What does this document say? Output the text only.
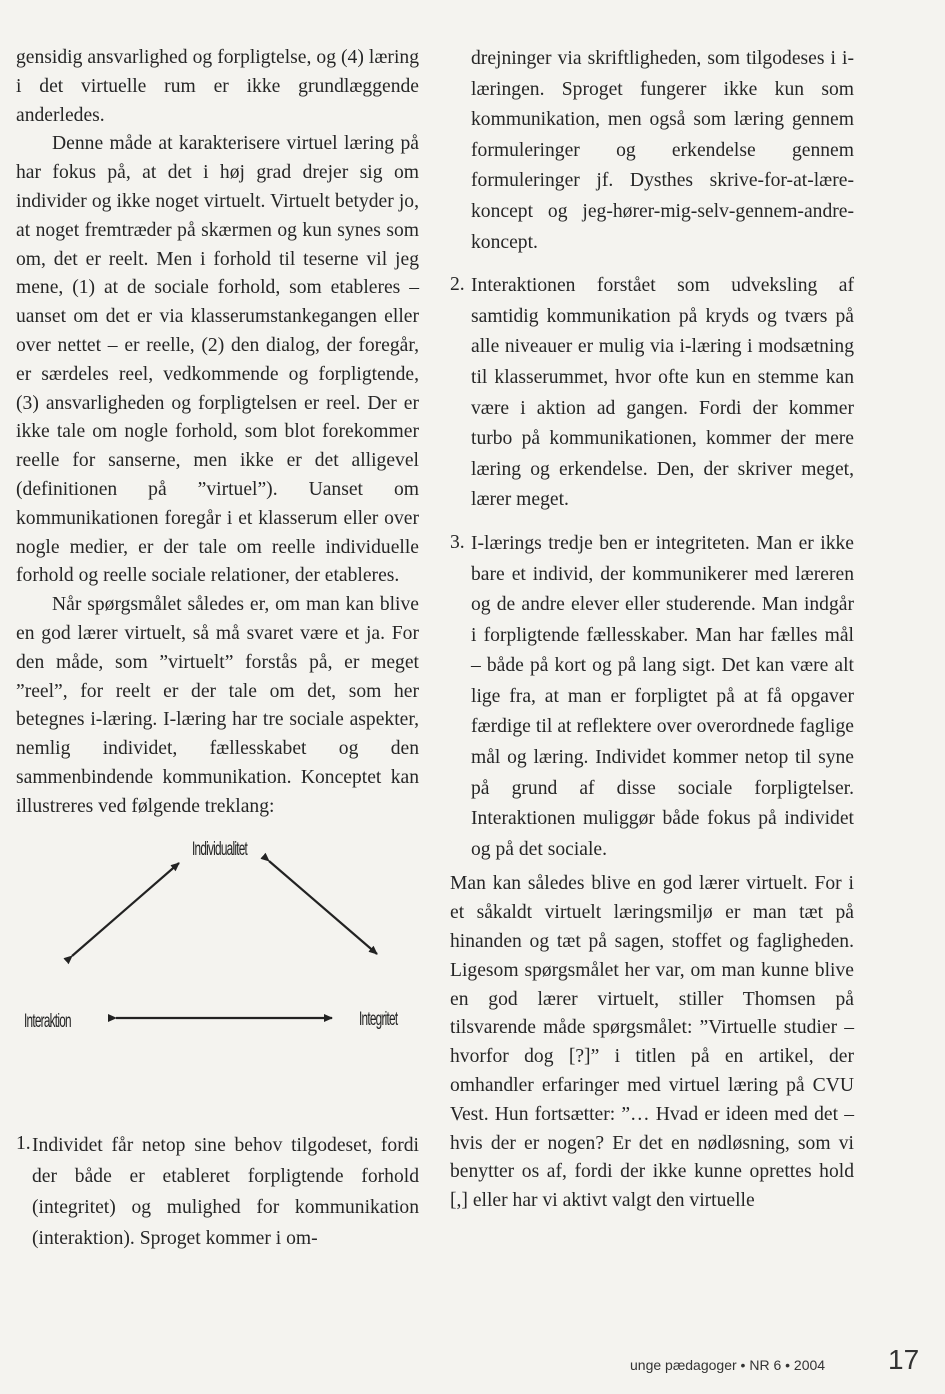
gensidig ansvarlighed og forpligtelse, og (4) læring i det virtuelle rum er ikke grundlæggende anderledes.

Denne måde at karakterisere virtuel læring på har fokus på, at det i høj grad drejer sig om individer og ikke noget virtuelt. Virtuelt betyder jo, at noget fremtræder på skærmen og kun synes som om, det er reelt. Men i forhold til teserne vil jeg mene, (1) at de sociale forhold, som etableres – uanset om det er via klasserumstankegangen eller over nettet – er reelle, (2) den dialog, der foregår, er særdeles reel, vedkommende og forpligtende, (3) ansvarligheden og forpligtelsen er reel. Der er ikke tale om nogle forhold, som blot forekommer reelle for sanserne, men ikke er det alligevel (definitionen på ”virtuel”). Uanset om kommunikationen foregår i et klasserum eller over nogle medier, er der tale om reelle individuelle forhold og reelle sociale relationer, der etableres.

Når spørgsmålet således er, om man kan blive en god lærer virtuelt, så må svaret være et ja. For den måde, som ”virtuelt” forstås på, er meget ”reel”, for reelt er der tale om det, som her betegnes i-læring. I-læring har tre sociale aspekter, nemlig individet, fællesskabet og den sammenbindende kommunikation. Konceptet kan illustreres ved følgende treklang:

Individualitet
Interaktion	Integritet
1. Individet får netop sine behov tilgodeset, fordi der både er etableret forpligtende forhold (integritet) og mulighed for kommunikation (interaktion). Sproget kommer i om-

drejninger via skriftligheden, som tilgodeses i i-læringen. Sproget fungerer ikke kun som kommunikation, men også som læring gennem formuleringer og erkendelse gennem formuleringer jf. Dysthes skrive-for-at-lære-koncept og jeg-hører-mig-selv-gennem-andre-koncept.

2. Interaktionen forstået som udveksling af samtidig kommunikation på kryds og tværs på alle niveauer er mulig via i-læring i modsætning til klasserummet, hvor ofte kun en stemme kan være i aktion ad gangen. Fordi der kommer turbo på kommunikationen, kommer der mere læring og erkendelse. Den, der skriver meget, lærer meget.

3. I-lærings tredje ben er integriteten. Man er ikke bare et individ, der kommunikerer med læreren og de andre elever eller studerende. Man indgår i forpligtende fællesskaber. Man har fælles mål – både på kort og på lang sigt. Det kan være alt lige fra, at man er forpligtet på at få opgaver færdige til at reflektere over overordnede faglige mål og læring. Individet kommer netop til syne på grund af disse sociale forpligtelser. Interaktionen muliggør både fokus på individet og på det sociale.

Man kan således blive en god lærer virtuelt. For i et såkaldt virtuelt læringsmiljø er man tæt på hinanden og tæt på sagen, stoffet og fagligheden. Ligesom spørgsmålet her var, om man kunne blive en god lærer virtuelt, stiller Thomsen på tilsvarende måde spørgsmålet: ”Virtuelle studier – hvorfor dog [?]” i titlen på en artikel, der omhandler erfaringer med virtuel læring på CVU Vest. Hun fortsætter: ”… Hvad er ideen med det – hvis der er nogen? Er det en nødløsning, som vi benytter os af, fordi der ikke kunne oprettes hold [,] eller har vi aktivt valgt den virtuelle

unge pædagoger • NR 6 • 2004 17
